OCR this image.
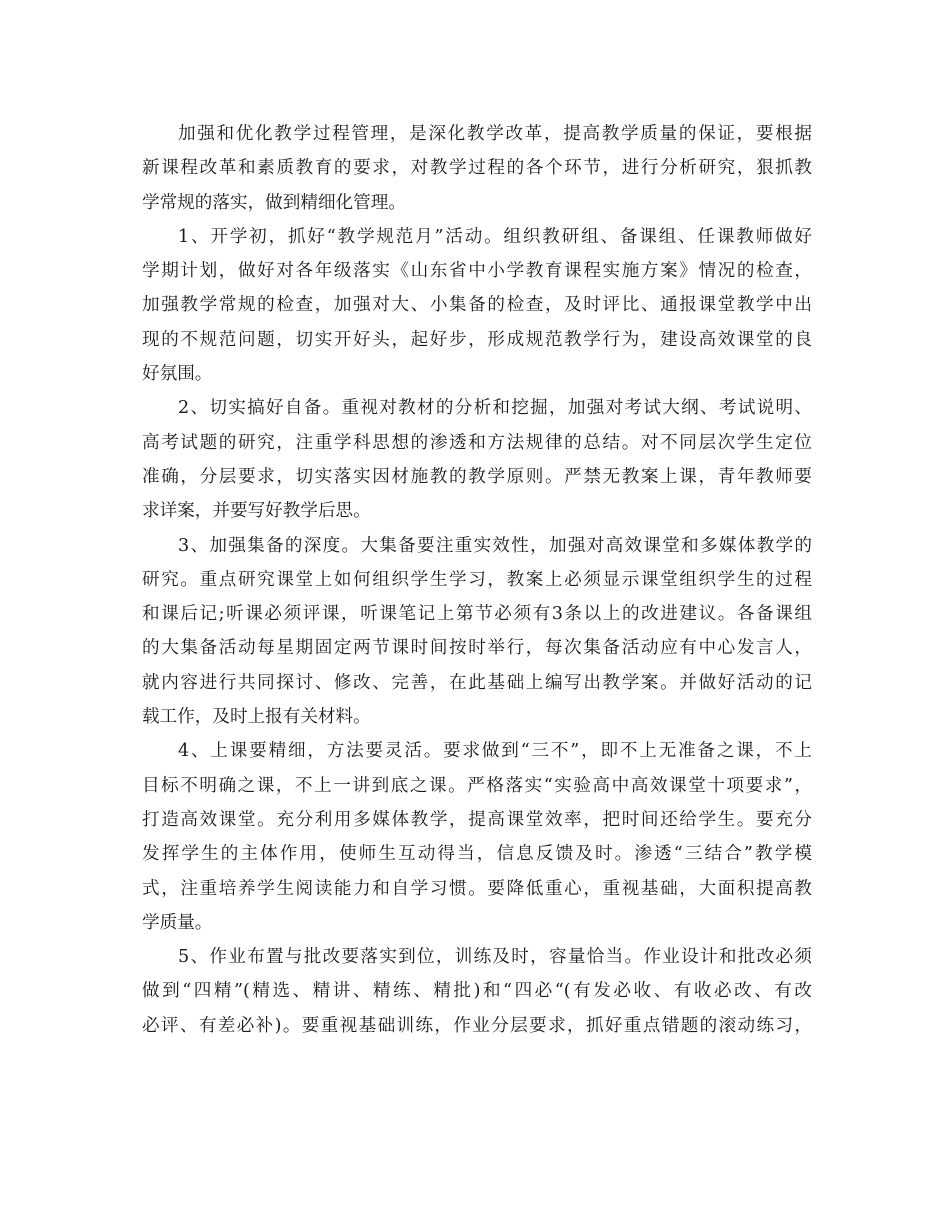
加强和优化教学过程管理，是深化教学改革，提高教学质量的保证，要根据
新课程改革和素质教育的要求，对教学过程的各个环节，进行分析研究，狠抓教
学常规的落实，做到精细化管理。
1、开学初，抓好“教学规范月”活动。组织教研组、备课组、任课教师做好
学期计划，做好对各年级落实《山东省中小学教育课程实施方案》情况的检查，
加强教学常规的检查，加强对大、小集备的检查，及时评比、通报课堂教学中出
现的不规范问题，切实开好头，起好步，形成规范教学行为，建设高效课堂的良
好氛围。
2、切实搞好自备。重视对教材的分析和挖掘，加强对考试大纲、考试说明、
高考试题的研究，注重学科思想的渗透和方法规律的总结。对不同层次学生定位
准确，分层要求，切实落实因材施教的教学原则。严禁无教案上课，青年教师要
求详案，并要写好教学后思。
3、加强集备的深度。大集备要注重实效性，加强对高效课堂和多媒体教学的
研究。重点研究课堂上如何组织学生学习，教案上必须显示课堂组织学生的过程
和课后记;听课必须评课，听课笔记上第节必须有3条以上的改进建议。各备课组
的大集备活动每星期固定两节课时间按时举行，每次集备活动应有中心发言人，
就内容进行共同探讨、修改、完善，在此基础上编写出教学案。并做好活动的记
载工作，及时上报有关材料。
4、上课要精细，方法要灵活。要求做到“三不”，即不上无准备之课，不上
目标不明确之课，不上一讲到底之课。严格落实“实验高中高效课堂十项要求”，
打造高效课堂。充分利用多媒体教学，提高课堂效率，把时间还给学生。要充分
发挥学生的主体作用，使师生互动得当，信息反馈及时。渗透“三结合”教学模
式，注重培养学生阅读能力和自学习惯。要降低重心，重视基础，大面积提高教
学质量。
5、作业布置与批改要落实到位，训练及时，容量恰当。作业设计和批改必须
做到“四精”(精选、精讲、精练、精批)和“四必“(有发必收、有收必改、有改
必评、有差必补)。要重视基础训练，作业分层要求，抓好重点错题的滚动练习，
